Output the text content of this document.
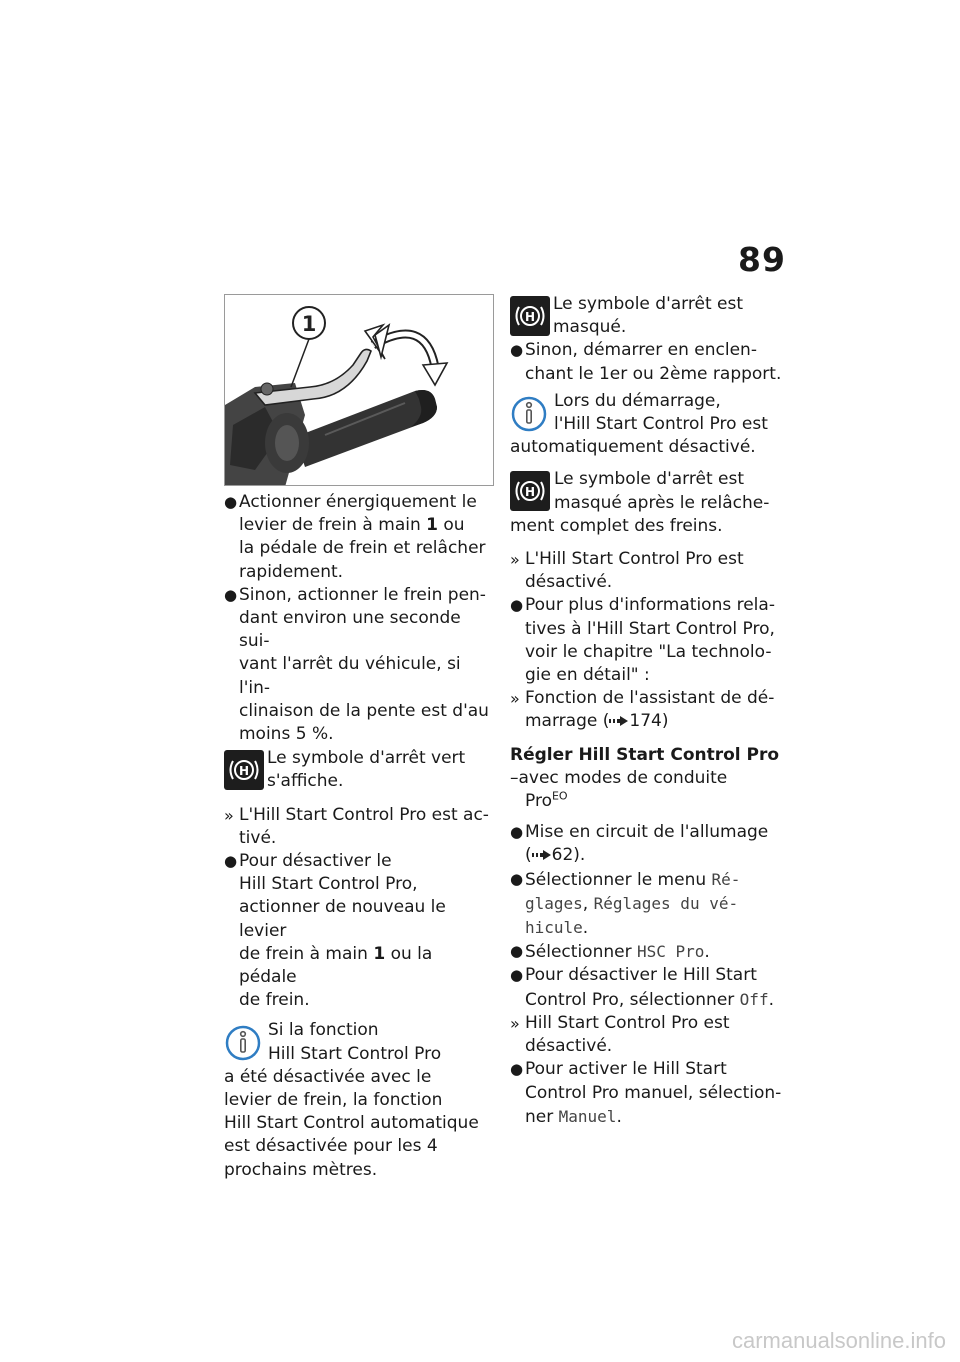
89
1

● Actionner énergiquement le
levier de frein à main 1 ou
la pédale de frein et relâcher
rapidement.

● Sinon, actionner le frein pen-
dant environ une seconde sui-
vant l'arrêt du véhicule, si l'in-
clinaison de la pente est d'au
moins 5 %.

H
Le symbole d'arrêt vert
s'affiche.

» L'Hill Start Control Pro est ac-
tivé.

● Pour désactiver le
Hill Start Control Pro,
actionner de nouveau le levier
de frein à main 1 ou la pédale
de frein.

Si la fonction
Hill Start Control Pro
a été désactivée avec le
levier de frein, la fonction
Hill Start Control automatique
est désactivée pour les 4
prochains mètres.
H
Le symbole d'arrêt est
masqué.

● Sinon, démarrer en enclen-
chant le 1er ou 2ème rapport.

Lors du démarrage,
l'Hill Start Control Pro est
automatiquement désactivé.
H
Le symbole d'arrêt est
masqué après le relâche-
ment complet des freins.

» L'Hill Start Control Pro est
désactivé.

● Pour plus d'informations rela-
tives à l'Hill Start Control Pro,
voir le chapitre "La technolo-
gie en détail" :

» Fonction de l'assistant de dé-
marrage ( 174)

Régler Hill Start Control Pro
–avec modes de conduite
Pro$^{EO}$

● Mise en circuit de l'allumage
( 62).

● Sélectionner le menu Ré-
glages, Réglages du vé-
hicule.

● Sélectionner HSC Pro.

● Pour désactiver le Hill Start
Control Pro, sélectionner Off.

» Hill Start Control Pro est
désactivé.

● Pour activer le Hill Start
Control Pro manuel, sélection-
ner Manuel.

carmanualsonline.info
